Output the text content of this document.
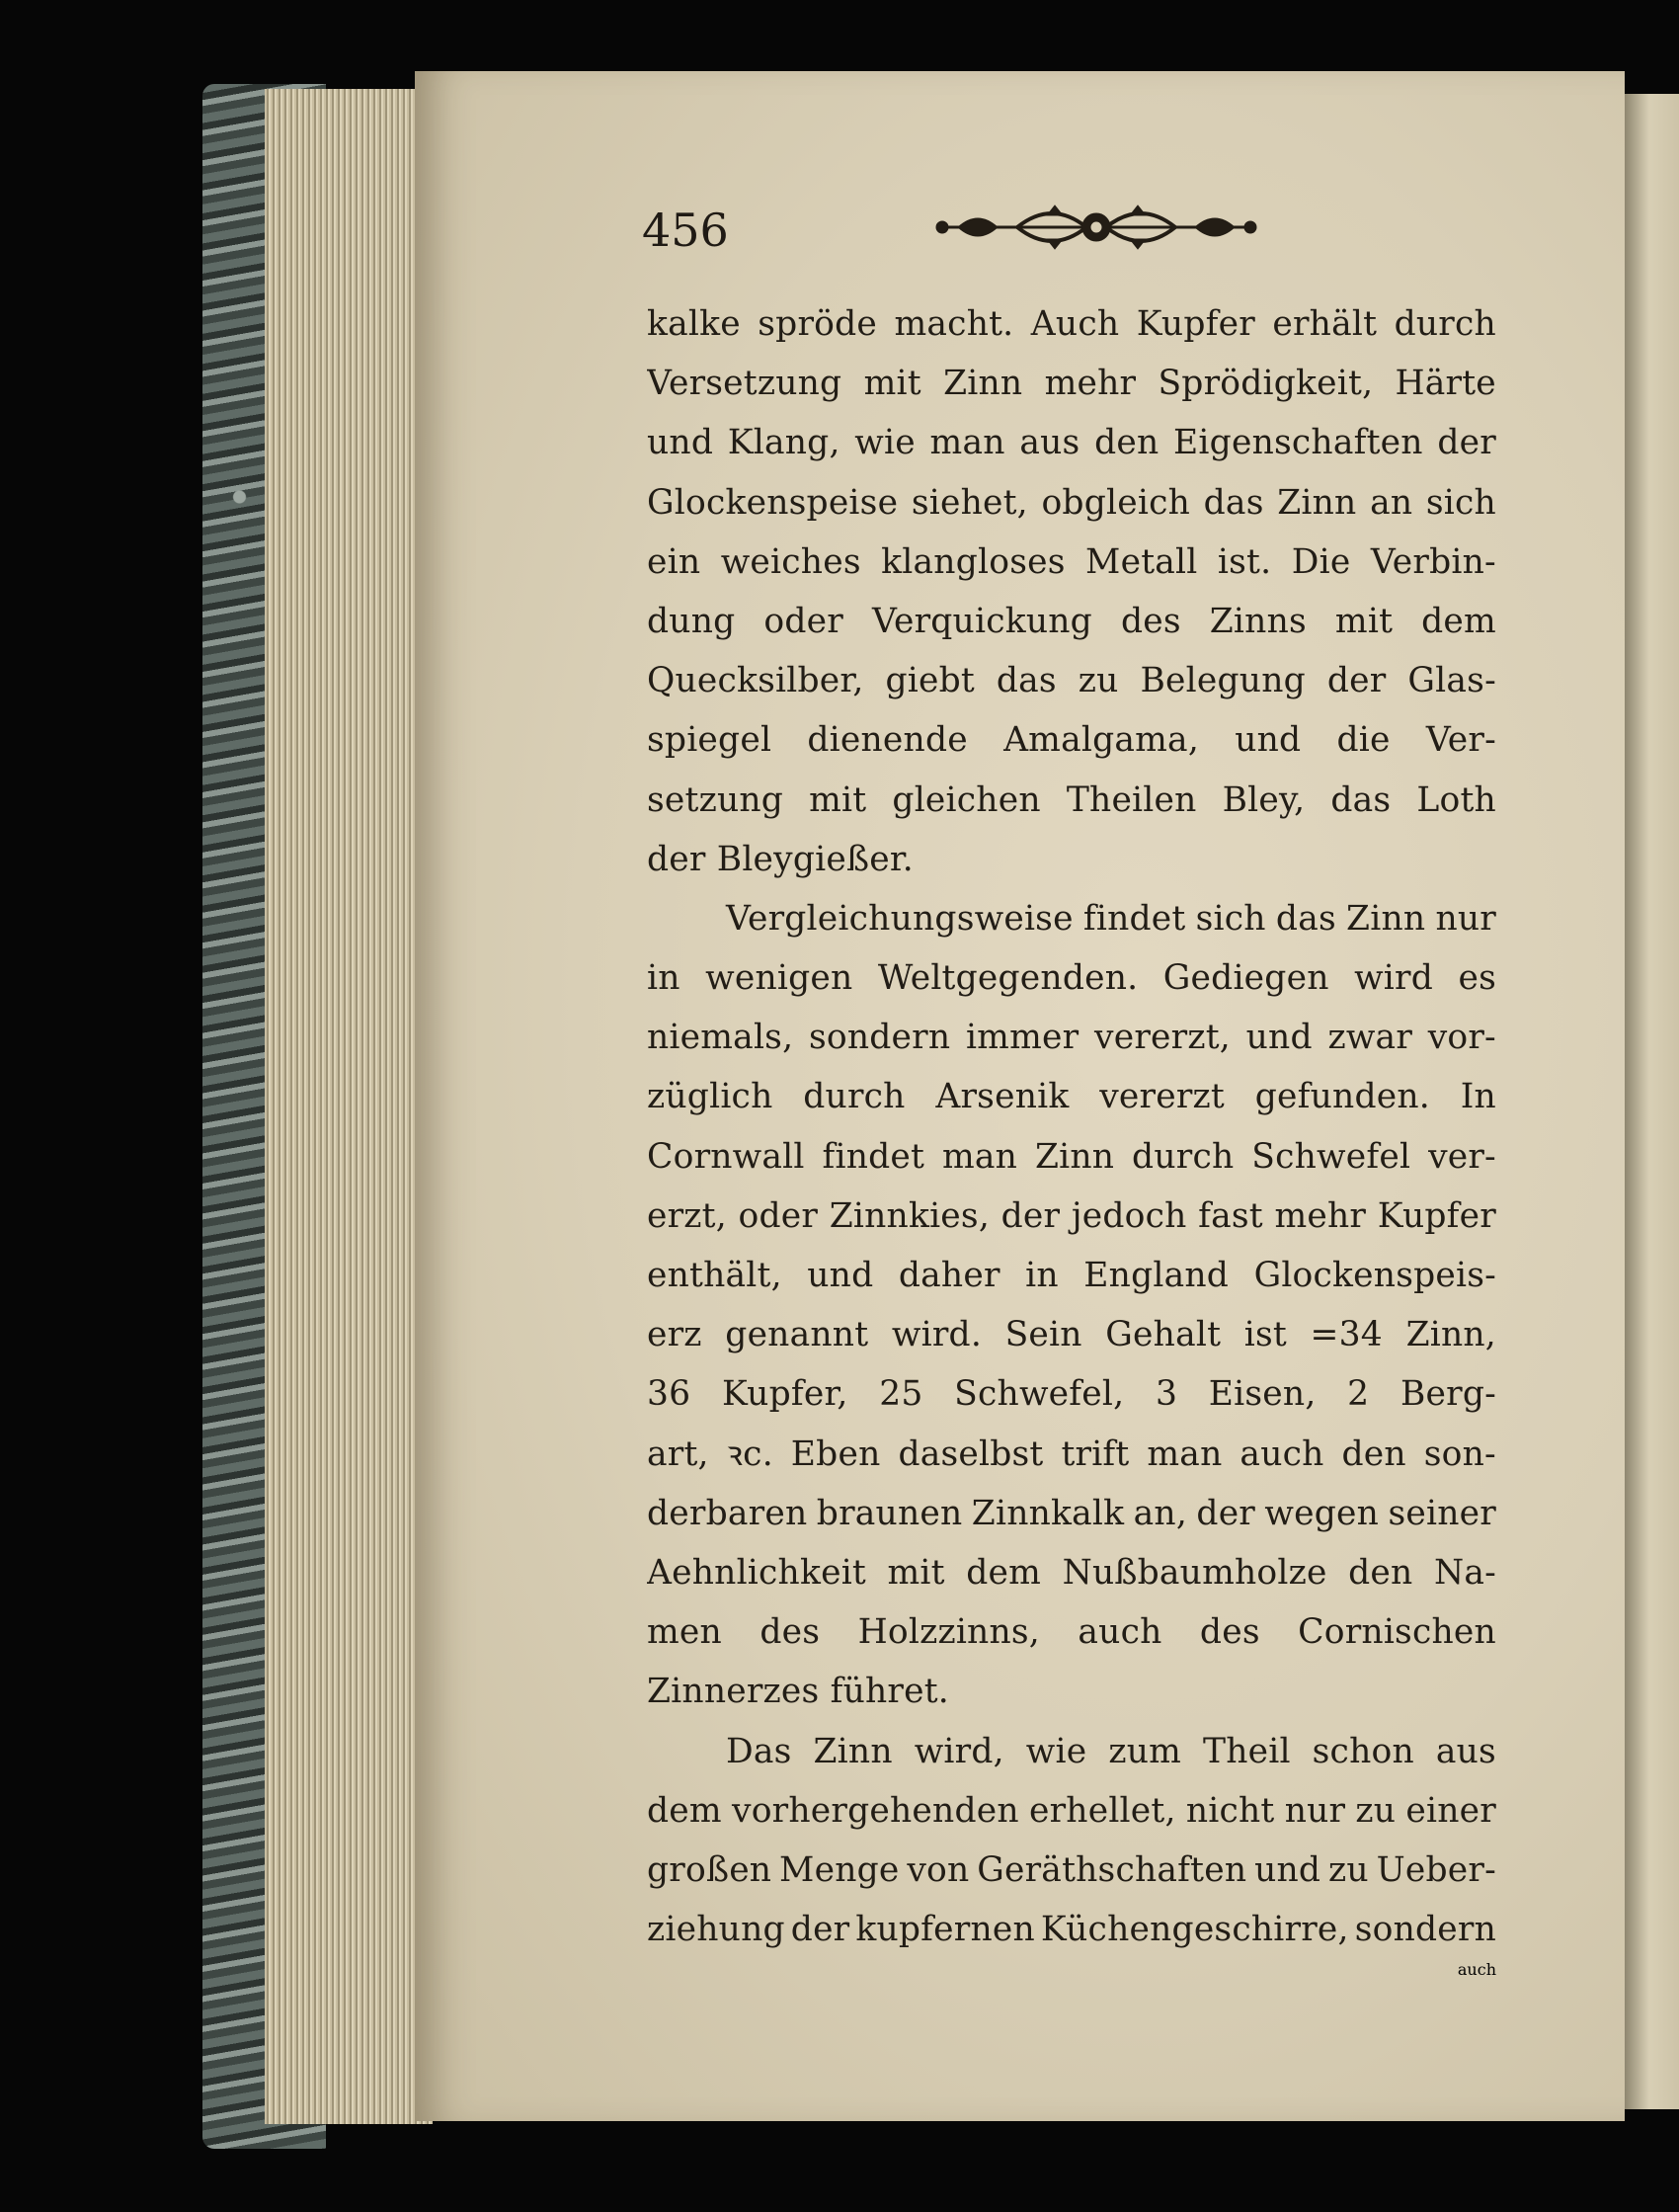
456
kalke spröde macht. Auch Kupfer erhält durch
Versetzung mit Zinn mehr Sprödigkeit, Härte
und Klang, wie man aus den Eigenschaften der
Glockenspeise siehet, obgleich das Zinn an sich
ein weiches klangloses Metall ist. Die Verbin-
dung oder Verquickung des Zinns mit dem
Quecksilber, giebt das zu Belegung der Glas-
spiegel dienende Amalgama, und die Ver-
setzung mit gleichen Theilen Bley, das Loth
der Bleygießer.
Vergleichungsweise findet sich das Zinn nur
in wenigen Weltgegenden. Gediegen wird es
niemals, sondern immer vererzt, und zwar vor-
züglich durch Arsenik vererzt gefunden. In
Cornwall findet man Zinn durch Schwefel ver-
erzt, oder Zinnkies, der jedoch fast mehr Kupfer
enthält, und daher in England Glockenspeis-
erz genannt wird. Sein Gehalt ist =34 Zinn,
36 Kupfer, 25 Schwefel, 3 Eisen, 2 Berg-
art, ꝛc. Eben daselbst trift man auch den son-
derbaren braunen Zinnkalk an, der wegen seiner
Aehnlichkeit mit dem Nußbaumholze den Na-
men des Holzzinns, auch des Cornischen
Zinnerzes führet.
Das Zinn wird, wie zum Theil schon aus
dem vorhergehenden erhellet, nicht nur zu einer
großen Menge von Geräthschaften und zu Ueber-
ziehung der kupfernen Küchengeschirre, sondern
auch
